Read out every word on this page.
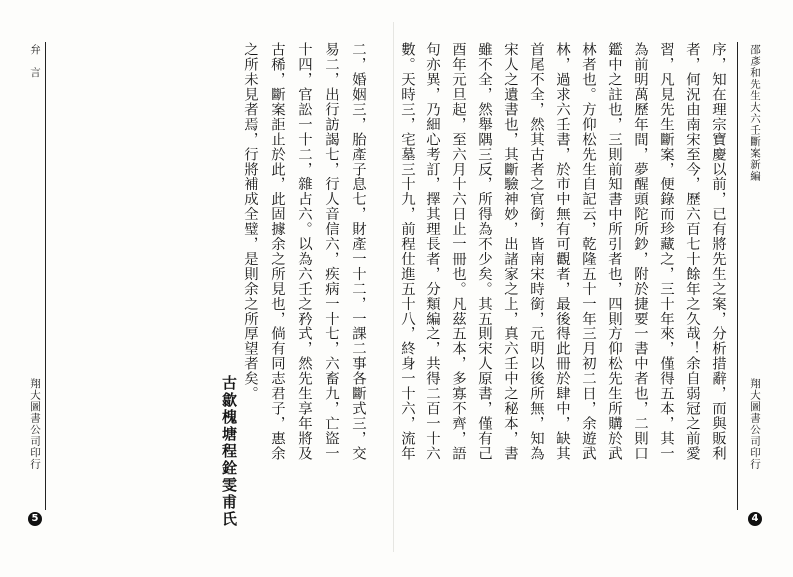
邵彥和先生大六壬斷案新編
翔大圖書公司印行
4
序，知在理宗寶慶以前，已有將先生之案，分析措辭，而與販利
者，何況由南宋至今，歷六百七十餘年之久哉！余自弱冠之前愛
習，凡見先生斷案，便錄而珍藏之，三十年來，僅得五本，其一
為前明萬歷年間，夢醒頭陀所鈔，附於捷要一書中者也，二則口
鑑中之註也，三則前知書中所引者也，四則方仰松先生所購於武
林者也。方仰松先生自記云，乾隆五十一年三月初二日，余遊武
林，過求六壬書，於市中無有可觀者，最後得此冊於肆中，缺其
首尾不全，然其古者之官銜，皆南宋時銜，元明以後所無，知為
宋人之遺書也，其斷驗神妙，出諸家之上，真六壬中之秘本，書
雖不全，然舉隅三反，所得為不少矣。其五則宋人原書，僅有己
酉年元旦起，至六月十六日止一冊也。凡茲五本，多寡不齊，語
句亦異，乃細心考訂，擇其理長者，分類編之，共得二百一十六
數。天時三，宅墓三十九，前程仕進五十八，終身一十六，流年
弁　言
翔大圖書公司印行
5
二，婚姻三，胎產子息七，財產一十二，一課二事各斷式三，交
易二，出行訪謁七，行人音信六，疾病一十七，六畜九，亡盜一
十四，官訟一十二，雜占六。以為六壬之矜式，然先生享年將及
古稀，斷案詎止於此，此固據余之所見也，倘有同志君子，惠余
之所未見者焉，行將補成全璧，是則余之所厚望者矣。
古歙槐塘程銓雯甫氏
